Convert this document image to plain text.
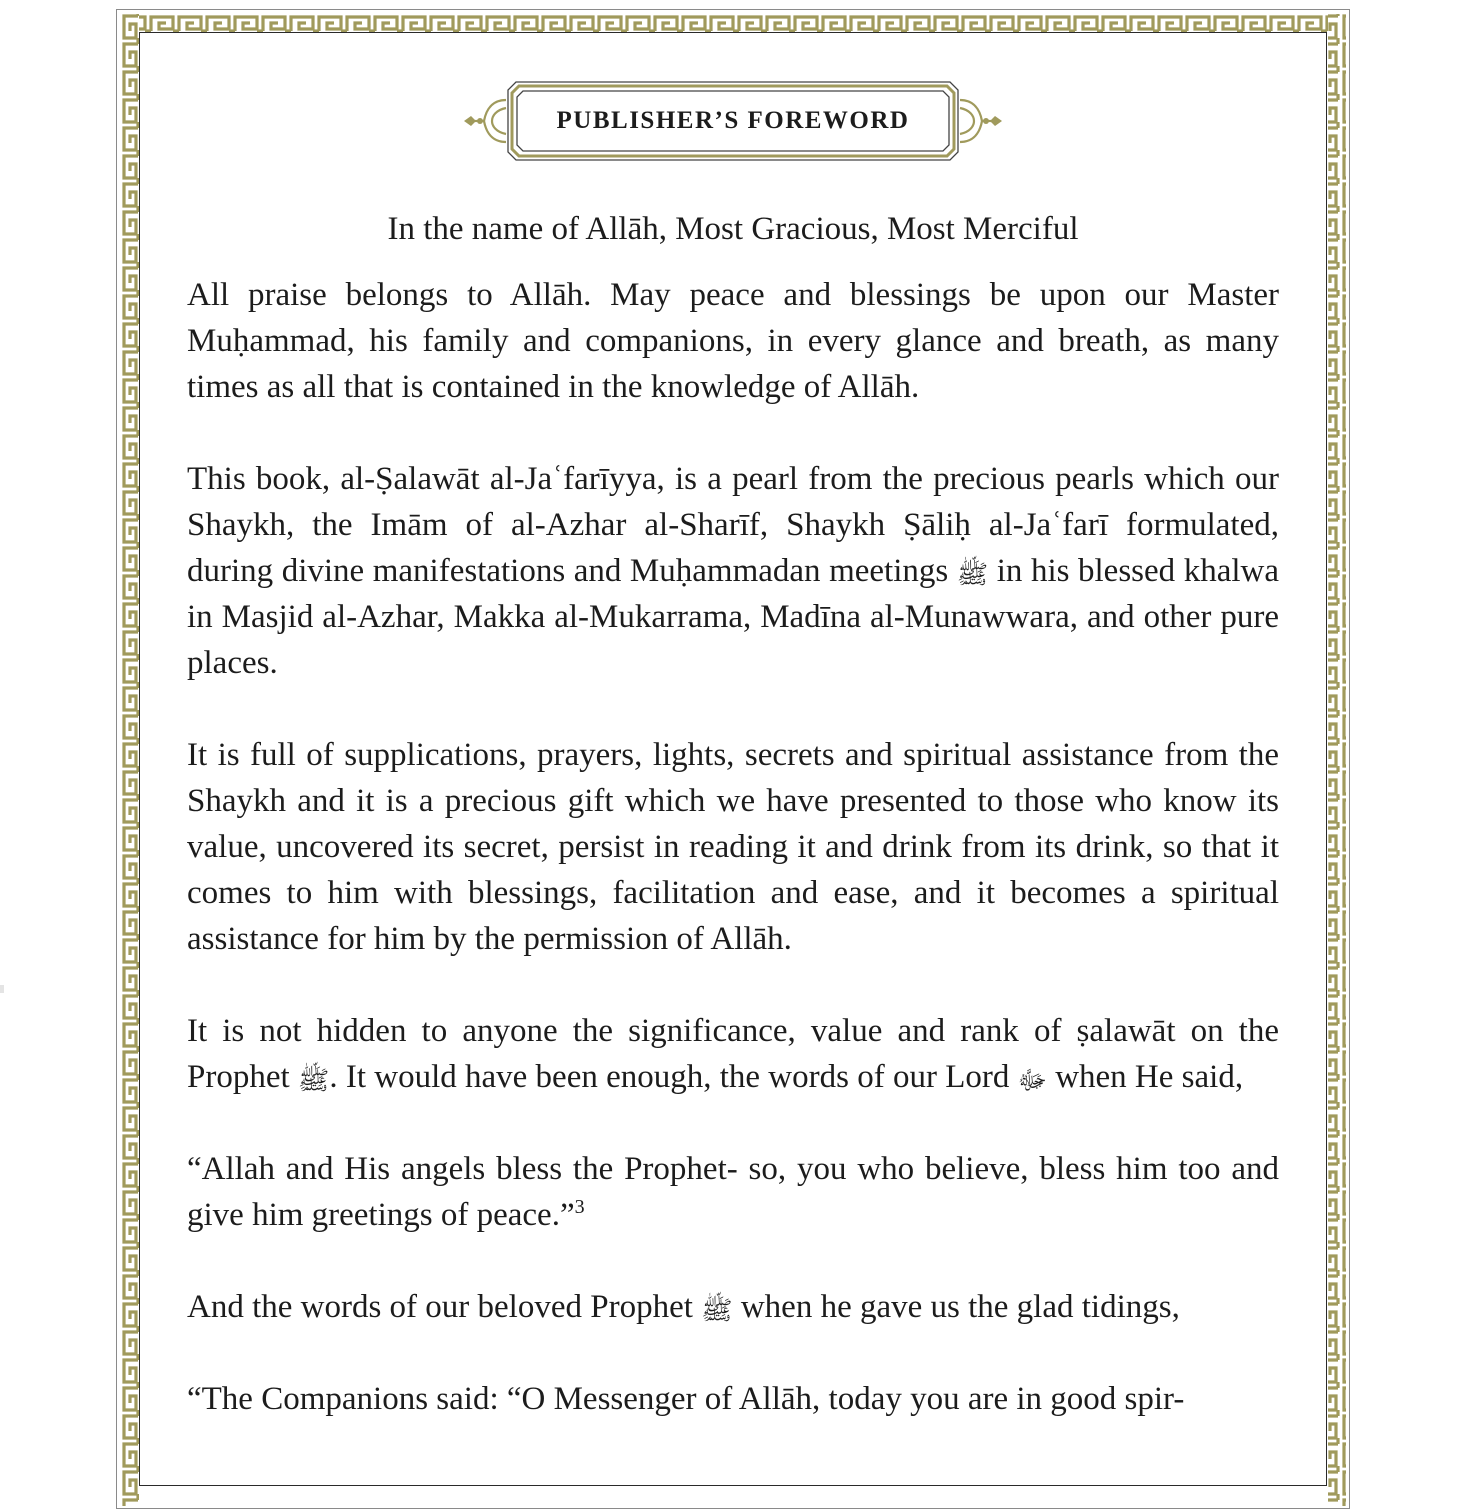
PUBLISHER’S FOREWORD

In the name of Allāh, Most Gracious, Most Merciful

All praise belongs to Allāh. May peace and blessings be upon our Master Muḥammad, his family and companions, in every glance and breath, as many times as all that is contained in the knowledge of Allāh.

This book, al-Ṣalawāt al-Jaʿfarīyya, is a pearl from the precious pearls which our Shaykh, the Imām of al-Azhar al-Sharīf, Shaykh Ṣāliḥ al-Jaʿfarī formulated, during divine manifestations and Muḥammadan meetings ﷺ in his blessed khalwa in Masjid al-Azhar, Makka al-Mukarrama, Madīna al-Munawwara, and other pure places.

It is full of supplications, prayers, lights, secrets and spiritual assistance from the Shaykh and it is a precious gift which we have presented to those who know its value, uncovered its secret, persist in reading it and drink from its drink, so that it comes to him with blessings, facilitation and ease, and it becomes a spiritual assistance for him by the permission of Allāh.

It is not hidden to anyone the significance, value and rank of ṣalawāt on the Prophet ﷺ. It would have been enough, the words of our Lord ﷻ when He said,

“Allah and His angels bless the Prophet- so, you who believe, bless him too and give him greetings of peace.”$^3$

And the words of our beloved Prophet ﷺ when he gave us the glad tidings,

“The Companions said: “O Messenger of Allāh, today you are in good spir-
